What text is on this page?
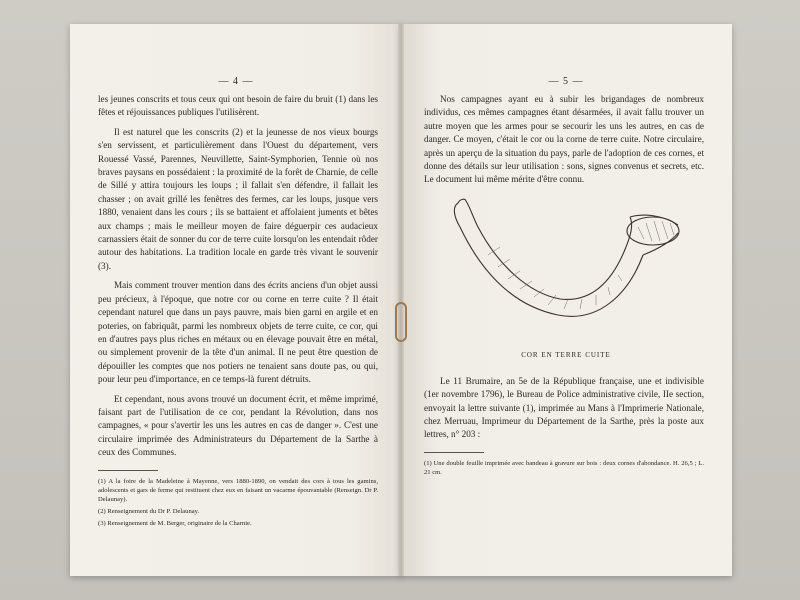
— 4 —

les jeunes conscrits et tous ceux qui ont besoin de faire du bruit (1) dans les fêtes et réjouissances publiques l'utilisèrent.

Il est naturel que les conscrits (2) et la jeunesse de nos vieux bourgs s'en servissent, et particulièrement dans l'Ouest du département, vers Rouessé Vassé, Parennes, Neuvillette, Saint-Symphorien, Tennie où nos braves paysans en possédaient : la proximité de la forêt de Charnie, de celle de Sillé y attira toujours les loups ; il fallait s'en défendre, il fallait les chasser ; on avait grillé les fenêtres des fermes, car les loups, jusque vers 1880, venaient dans les cours ; ils se battaient et affolaient juments et bêtes aux champs ; mais le meilleur moyen de faire déguerpir ces audacieux carnassiers était de sonner du cor de terre cuite lorsqu'on les entendait rôder autour des habitations. La tradition locale en garde très vivant le souvenir (3).

Mais comment trouver mention dans des écrits anciens d'un objet aussi peu précieux, à l'époque, que notre cor ou corne en terre cuite ? Il était cependant naturel que dans un pays pauvre, mais bien garni en argile et en poteries, on fabriquât, parmi les nombreux objets de terre cuite, ce cor, qui en d'autres pays plus riches en métaux ou en élevage pouvait être en métal, ou simplement provenir de la tête d'un animal. Il ne peut être question de dépouiller les comptes que nos potiers ne tenaient sans doute pas, ou qui, pour leur peu d'importance, en ce temps-là furent détruits.

Et cependant, nous avons trouvé un document écrit, et même imprimé, faisant part de l'utilisation de ce cor, pendant la Révolution, dans nos campagnes, « pour s'avertir les uns les autres en cas de danger ». C'est une circulaire imprimée des Administrateurs du Département de la Sarthe à ceux des Communes.

(1) A la foire de la Madeleine à Mayenne, vers 1880-1890, on vendait des cors à tous les gamins, adolescents et gars de ferme qui restituent chez eux en faisant un vacarme épouvantable (Renseign. Dr P. Delaunay).
(2) Renseignement du Dr P. Delaunay.
(3) Renseignement de M. Berger, originaire de la Charnie.
— 5 —

Nos campagnes ayant eu à subir les brigandages de nombreux individus, ces mêmes campagnes étant désarmées, il avait fallu trouver un autre moyen que les armes pour se secourir les uns les autres, en cas de danger. Ce moyen, c'était le cor ou la corne de terre cuite. Notre circulaire, après un aperçu de la situation du pays, parle de l'adoption de ces cornes, et donne des détails sur leur utilisation : sons, signes convenus et secrets, etc. Le document lui même mérite d'être connu.

COR EN TERRE CUITE

Le 11 Brumaire, an 5e de la République française, une et indivisible (1er novembre 1796), le Bureau de Police administrative civile, IIe section, envoyait la lettre suivante (1), imprimée au Mans à l'Imprimerie Nationale, chez Merruau, Imprimeur du Département de la Sarthe, près la poste aux lettres, n° 203 :

(1) Une double feuille imprimée avec bandeau à gravure sur bois : deux cornes d'abondance. H. 26,5 ; L. 21 cm.
